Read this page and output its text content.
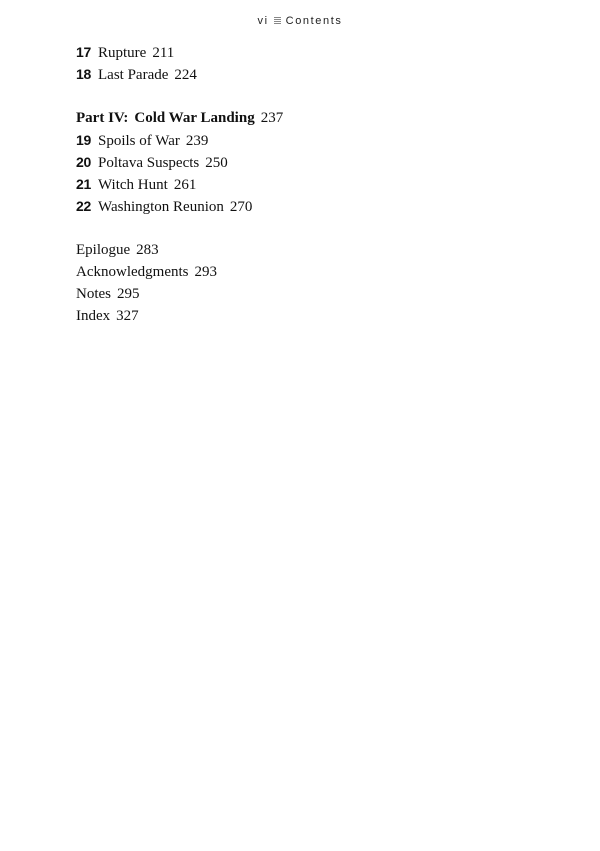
vi Contents
17 Rupture 211
18 Last Parade 224
Part IV: Cold War Landing 237
19 Spoils of War 239
20 Poltava Suspects 250
21 Witch Hunt 261
22 Washington Reunion 270
Epilogue 283
Acknowledgments 293
Notes 295
Index 327
